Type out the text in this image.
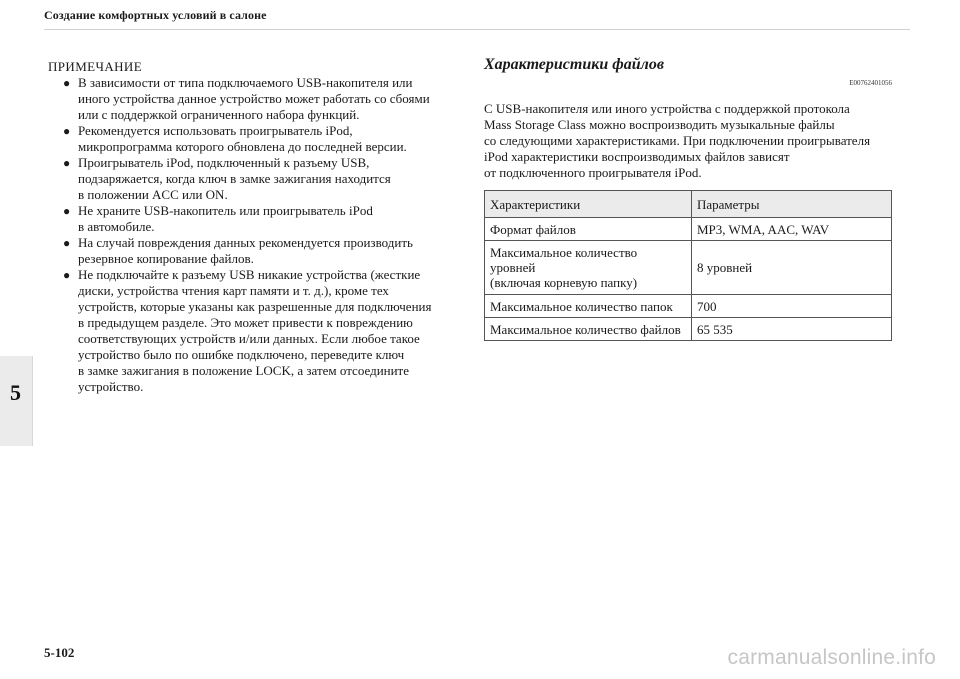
Создание комфортных условий в салоне
5
ПРИМЕЧАНИЕ
● В зависимости от типа подключаемого USB-накопителя или
иного устройства данное устройство может работать со сбоями
или с поддержкой ограниченного набора функций.
● Рекомендуется использовать проигрыватель iPod,
микропрограмма которого обновлена до последней версии.
● Проигрыватель iPod, подключенный к разъему USB,
подзаряжается, когда ключ в замке зажигания находится
в положении ACC или ON.
● Не храните USB-накопитель или проигрыватель iPod
в автомобиле.
● На случай повреждения данных рекомендуется производить
резервное копирование файлов.
● Не подключайте к разъему USB никакие устройства (жесткие
диски, устройства чтения карт памяти и т. д.), кроме тех
устройств, которые указаны как разрешенные для подключения
в предыдущем разделе. Это может привести к повреждению
соответствующих устройств и/или данных. Если любое такое
устройство было по ошибке подключено, переведите ключ
в замке зажигания в положение LOCK, а затем отсоедините
устройство.
Характеристики файлов
E00762401056
С USB-накопителя или иного устройства с поддержкой протокола
Mass Storage Class можно воспроизводить музыкальные файлы
со следующими характеристиками. При подключении проигрывателя
iPod характеристики воспроизводимых файлов зависят
от подключенного проигрывателя iPod.
Характеристики	Параметры
Формат файлов	MP3, WMA, AAC, WAV
Максимальное количество
уровней
(включая корневую папку)	8 уровней
Максимальное количество папок	700
Максимальное количество файлов	65 535
5-102	carmanualsonline.info
